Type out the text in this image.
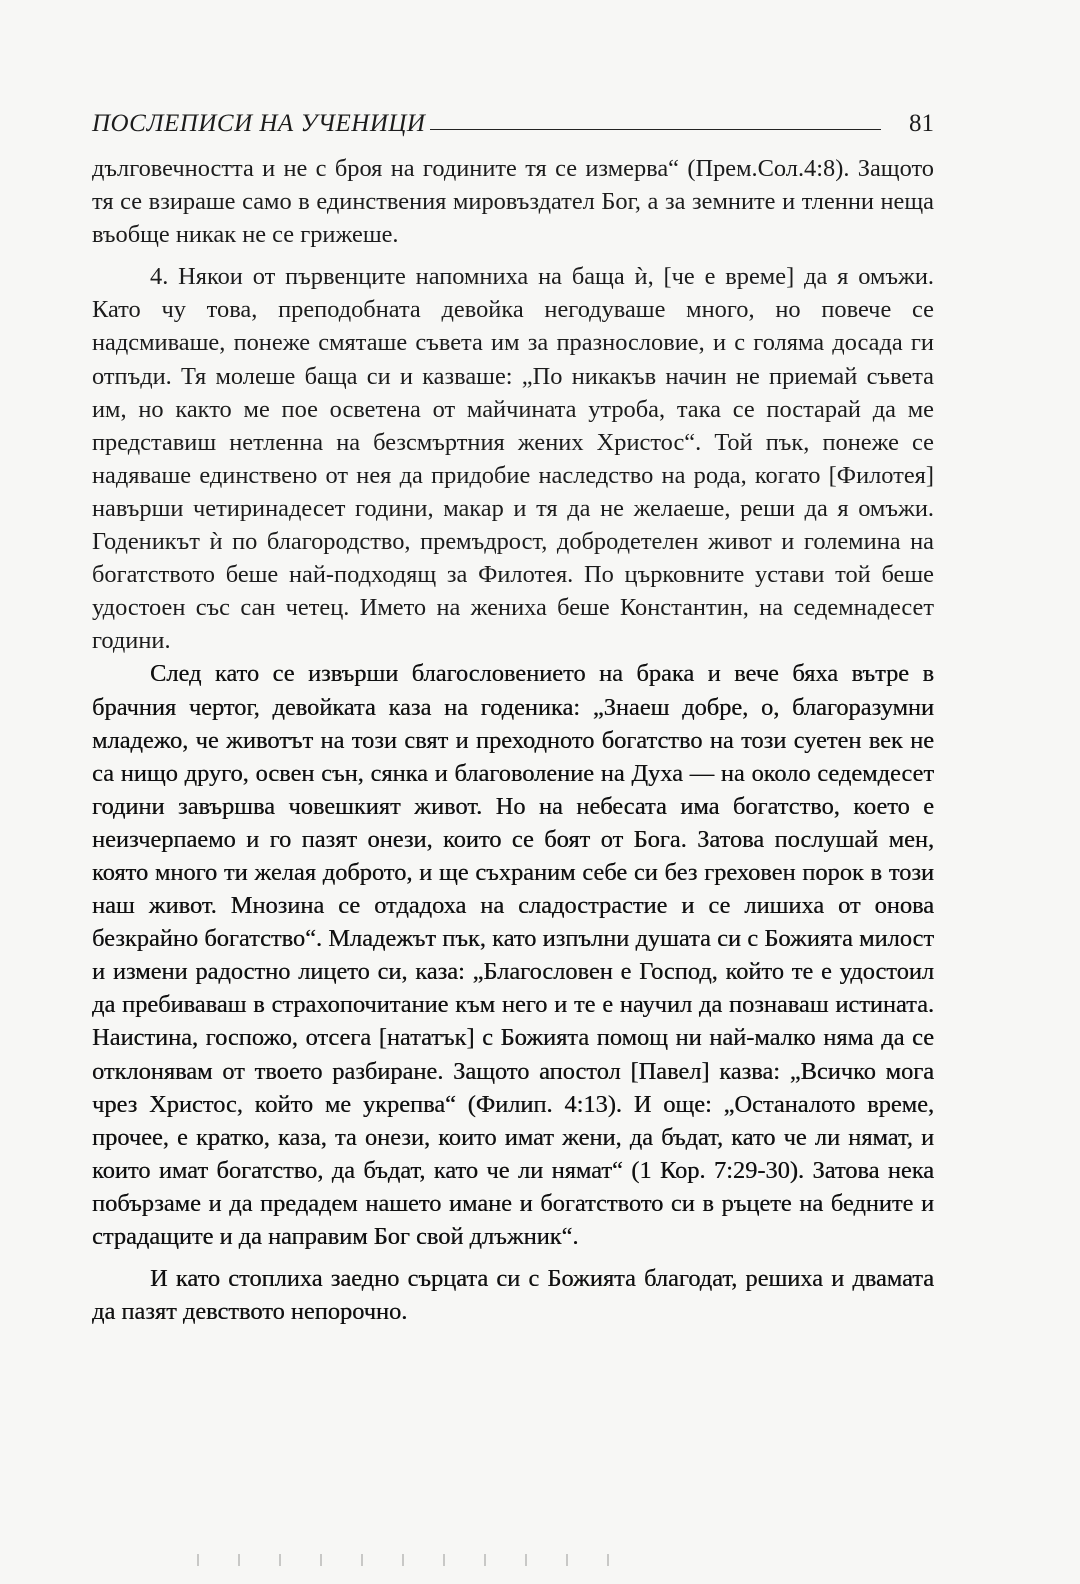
ПОСЛЕПИСИ НА УЧЕНИЦИ	81

дълговечността и не с броя на годините тя се измерва“ (Прем.Сол.4:8). Защото тя се взираше само в единствения мировъздател Бог, а за земните и тленни неща въобще никак не се грижеше.

4. Някои от първенците напомниха на баща ѝ, [че е време] да я омъжи. Като чу това, преподобната девойка негодуваше много, но повече се надсмиваше, понеже смяташе съвета им за празнословие, и с голяма досада ги отпъди. Тя молеше баща си и казваше: „По никакъв начин не приемай съвета им, но както ме пое осветена от майчината утроба, така се постарай да ме представиш нетленна на безсмъртния жених Христос“. Той пък, понеже се надяваше единствено от нея да придобие наследство на рода, когато [Филотея] навърши четиринадесет години, макар и тя да не желаеше, реши да я омъжи. Годеникът ѝ по благородство, премъдрост, добродетелен живот и големина на богатството беше най-подходящ за Филотея. По църковните устави той беше удостоен със сан четец. Името на жениха беше Константин, на седемнадесет години.

След като се извърши благословението на брака и вече бяха вътре в брачния чертог, девойката каза на годеника: „Знаеш добре, о, благоразумни младежо, че животът на този свят и преходното богатство на този суетен век не са нищо друго, освен сън, сянка и благоволение на Духа — на около седемдесет години завършва човешкият живот. Но на небесата има богатство, което е неизчерпаемо и го пазят онези, които се боят от Бога. Затова послушай мен, която много ти желая доброто, и ще съхраним себе си без греховен порок в този наш живот. Мнозина се отдадоха на сладострастие и се лишиха от онова безкрайно богатство“. Младежът пък, като изпълни душата си с Божията милост и измени радостно лицето си, каза: „Благословен е Господ, който те е удостоил да пребиваваш в страхопочитание към него и те е научил да познаваш истината. Наистина, госпожо, отсега [нататък] с Божията помощ ни най-малко няма да се отклонявам от твоето разбиране. Защото апостол [Павел] казва: „Всичко мога чрез Христос, който ме укрепва“ (Филип. 4:13). И още: „Останалото време, прочее, е кратко, каза, та онези, които имат жени, да бъдат, като че ли нямат, и които имат богатство, да бъдат, като че ли нямат“ (1 Кор. 7:29-30). Затова нека побързаме и да предадем нашето имане и богатството си в ръцете на бедните и страдащите и да направим Бог свой длъжник“.

И като стоплиха заедно сърцата си с Божията благодат, решиха и двамата да пазят девството непорочно.
